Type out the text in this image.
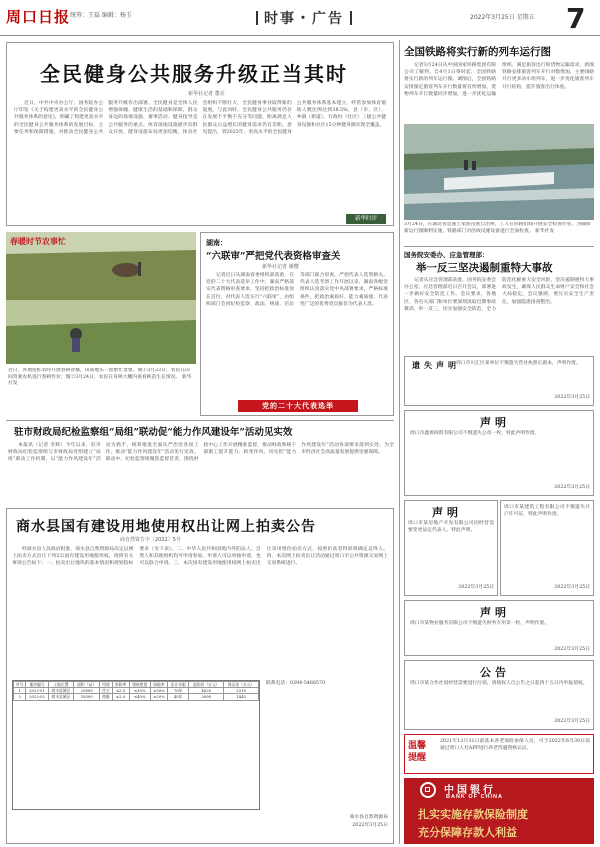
周口日报 统筹：王磊 编辑：杨玉	时事・广告	2022年3月25日 星期五 7
全民健身公共服务升级正当其时
新华社记者 董亮
近日，中共中央办公厅、国务院办公厅印发《关于构建更高水平的全民健身公共服务体系的意见》，明确了构建更高水平的全民健身公共服务体系的发展目标、主要任务和保障措施，对推动全民健身公共服务升级作出部署。全民健身是全体人民增强体魄、健康生活的基础和保障，群众身边的场地设施、赛事活动、健身指导是公共服务的重点。体育场地设施逐步向群众开放，健身设施布局更加均衡，体育社会组织不断壮大，全民健身事业取得新的进展。与此同时，全民健身公共服务仍存在发展不平衡不充分等问题，距离满足人民群众日益增长的健身需求仍有差距。意见提出，到2025年，更高水平的全民健身公共服务体系基本建立，经常参加体育锻炼人数比例达到38.5%，县（市、区）、乡镇（街道）、行政村（社区）三级公共健身设施和社区15分钟健身圈实现全覆盖。
全国铁路将实行新的列车运行图
记者3月24日从中国国家铁路集团有限公司了解到，自4月1日零时起，全国铁路将实行新的列车运行图。调图后，全国铁路安排图定旅客列车开行数量将有所增加，货物列车开行数量同步增加，进一步优化运输组织，满足旅客出行和货物运输需求。新图铁路安排旅客列车开行对数增加，主要线路开行更多动车组列车，进一步优化旅客列车开行结构，提升旅客出行体验。
3月24日，在湖北省恩施土家族苗族自治州，工人在铁路沿线开展安全检查作业。为确保新运行图顺利实施，铁路部门对沿线设施设备进行全面检查。 新华社发
春暖时节农事忙
近日，各地抢抓农时开展春耕春播，田间地头一派繁忙景象。图①3月23日，农民在田间驾驶农机进行春耕作业；图②3月24日，农民在育秧大棚内查看秧苗生长情况。 新华社发
湖南：
“六联审”严把党代表资格审查关
新华社记者 谢樱
记者近日从湖南省委组织部获悉，在党的二十大代表选举工作中，湖南严格落实代表资格审查要求，坚持把政治标准放在首位，对代表人选实行“六联审”，由组织部门会同纪检监察、政法、统战、信访等部门联合审查，严把代表人选资格关。代表人选考察工作开展以来，湖南各级党组织认真落实党中央部署要求，严格标准条件，把政治素质好、能力素质强、代表性广泛的优秀党员推荐为代表人选。
党的二十大代表选举
新华时评
国务院安委办、应急管理部：
举一反三坚决遏制重特大事故
记者从应急管理部获悉，国务院安委会办公室、应急管理部近日召开会议，部署进一步做好安全防范工作。会议要求，各地区、各有关部门和单位要深刻汲取近期事故教训，举一反三，切实加强安全防范，全力防范化解重大安全风险，坚决遏制重特大事故发生，确保人民群众生命财产安全和社会大局稳定。会议强调，要压实安全生产责任，加强隐患排查整治。
遗失声明
周口市川汇区某单位不慎遗失营业执照正副本，声明作废。
2022年3月25日
驻市财政局纪检监察组“局组”联动促“能力作风建设年”活动见实效
本报讯（记者 李辉）今年以来，驻市财政局纪检监察组与市财政局党组建立“局组”联动工作机制，以“能力作风建设年”活动为抓手，统筹推进全面从严治党各项工作，推动“能力作风建设年”活动见行见效。联动中，纪检监察组聚焦监督首责，围绕财政中心工作开展精准监督，推动财政系统干部职工提升能力、转变作风，切实把“能力作风建设年”活动各项要求落到实处，为全市经济社会高质量发展提供坚强保障。
声明
周口市鑫源商贸有限公司不慎遗失公章一枚，特此声明作废。
2022年3月25日
声明
周口市某房地产开发有限公司因经营需要变更法定代表人，特此声明。
2022年3月25日
周口市某建筑工程有限公司不慎遗失开户许可证，特此声明作废。
2022年3月25日
商水县国有建设用地使用权出让网上拍卖公告
商自然资告字〔2022〕5号
经商水县人民政府批准，商水县自然资源局决定以网上拍卖方式出让下列2宗国有建设用地使用权。现将有关事项公告如下：一、拍卖出让地块的基本情况和规划指标要求（见下表）。二、中华人民共和国境内外的法人、自然人和其他组织均可申请参加，申请人可以单独申请，也可以联合申请。三、本次国有建设用地使用权网上拍卖出让采用增价拍卖方式，按照价高者得原则确定竞得人。四、本次网上拍卖出让活动通过周口市公共资源交易网上交易系统进行。
序号	地块编号	土地位置	面积（㎡）	用途	容积率	建筑密度	绿地率	出让年限	起始价（万元）	保证金（万元）
1	2022-01	商水县城区	25600	住宅	≤2.5	≤30%	≥30%	70年	4620	2310
2	2022-02	商水县城区	18300	商服	≤2.0	≤40%	≥20%	40年	2890	1445
联系电话：0394-5468570
商水县自然资源局
2022年3月25日
声明
周口市某物业服务有限公司不慎遗失财务专用章一枚，声明作废。
2022年3月25日
公告
周口市某合作社因经营需要进行注销，请债权人自公告之日起四十五日内申报债权。
2022年3月25日
温馨提醒
2021年12月31日前基本养老保险参保人员，可于2022年6月30日前通过周口人社APP进行养老待遇资格认证。
中国银行
BANK OF CHINA
扎实实施存款保险制度
充分保障存款人利益
